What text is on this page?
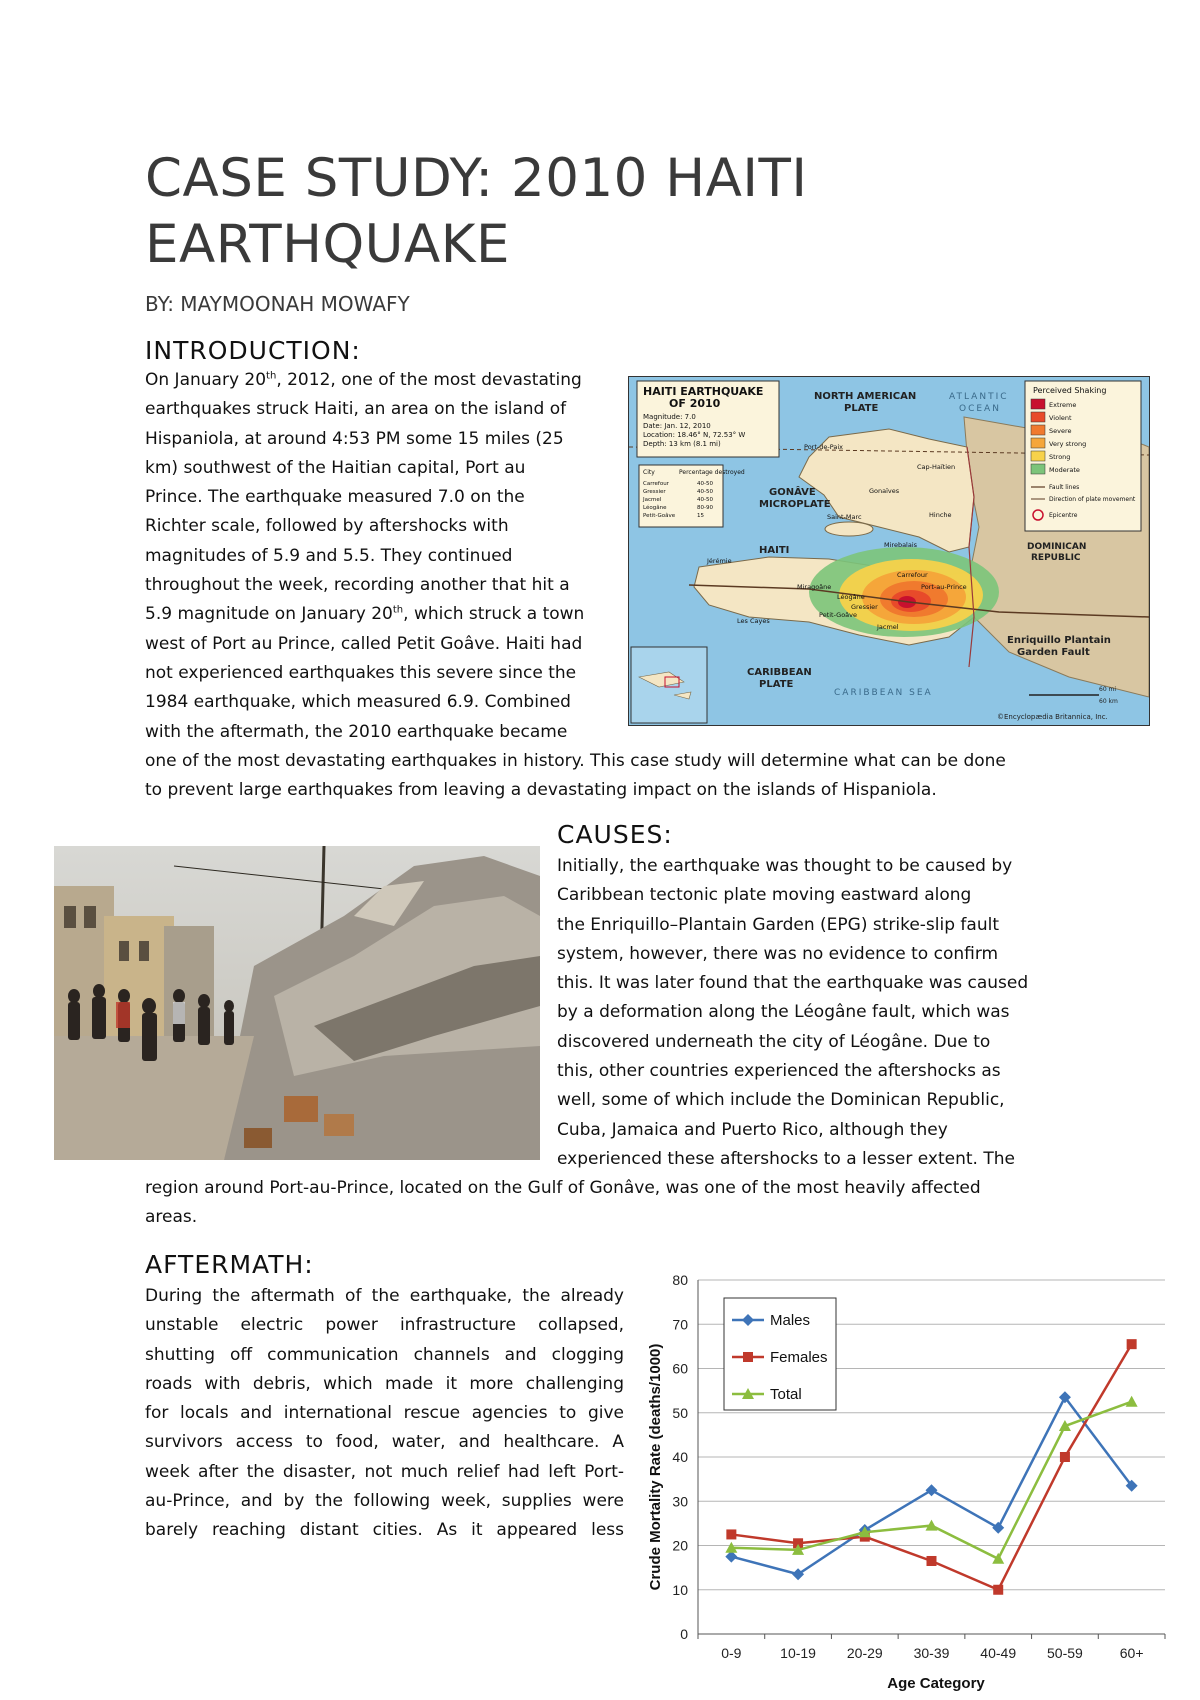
CASE STUDY: 2010 HAITI
EARTHQUAKE
BY: MAYMOONAH MOWAFY
INTRODUCTION:

On January 20th, 2012, one of the most devastating

earthquakes struck Haiti, an area on the island of

Hispaniola, at around 4:53 PM some 15 miles (25

km) southwest of the Haitian capital, Port au

Prince. The earthquake measured 7.0 on the

Richter scale, followed by aftershocks with

magnitudes of 5.9 and 5.5. They continued

throughout the week, recording another that hit a

5.9 magnitude on January 20th, which struck a town

west of Port au Prince, called Petit Goâve. Haiti had

not experienced earthquakes this severe since the

1984 earthquake, which measured 6.9. Combined

with the aftermath, the 2010 earthquake became

one of the most devastating earthquakes in history. This case study will determine what can be done

to prevent large earthquakes from leaving a devastating impact on the islands of Hispaniola.

HAITI EARTHQUAKE
OF 2010
Magnitude: 7.0
Date: Jan. 12, 2010
Location: 18.46° N, 72.53° W
Depth: 13 km (8.1 mi)
City	Percentage destroyed
Carrefour	40-50
Gressier	40-50
Jacmel	40-50
Léogâne	80-90
Petit-Goâve	15
NORTH AMERICAN
PLATE
ATLANTIC
OCEAN
GONÂVE
MICROPLATE
HAITI	DOMINICAN
REPUBLIC
CARIBBEAN
PLATE
CARIBBEAN SEA
Enriquillo Plantain
Garden Fault
©Encyclopædia Britannica, Inc.
60 mi
60 km
Port-de-Paix
Cap-Haïtien
Gonaïves
Saint-Marc	Hinche
Mirebalais
Léogâne
Jacmel
Jérémie
Les Cayes
Port-au-Prince
Carrefour
Gressier
Petit-Goâve
Miragoâne
Perceived Shaking
Extreme
Violent
Severe
Very strong
Strong
Moderate
Fault lines
Direction of plate movement
Epicentre
CAUSES:

Initially, the earthquake was thought to be caused by

Caribbean tectonic plate moving eastward along

the Enriquillo–Plantain Garden (EPG) strike-slip fault

system, however, there was no evidence to confirm

this. It was later found that the earthquake was caused

by a deformation along the Léogâne fault, which was

discovered underneath the city of Léogâne. Due to

this, other countries experienced the aftershocks as

well, some of which include the Dominican Republic,

Cuba, Jamaica and Puerto Rico, although they

experienced these aftershocks to a lesser extent. The

region around Port-au-Prince, located on the Gulf of Gonâve, was one of the most heavily affected

areas.

AFTERMATH:

During the aftermath of the earthquake, the already

unstable electric power infrastructure collapsed,

shutting off communication channels and clogging

roads with debris, which made it more challenging

for locals and international rescue agencies to give

survivors access to food, water, and healthcare. A

week after the disaster, not much relief had left Port-

au-Prince, and by the following week, supplies were

barely reaching distant cities. As it appeared less

0
10
20
30
40
50
60
70
80
0-9	10-19 20-29 30-39 40-49 50-59	60+
Age Category
Crude Mortality Rate (deaths/1000)
Males
Females
Total
